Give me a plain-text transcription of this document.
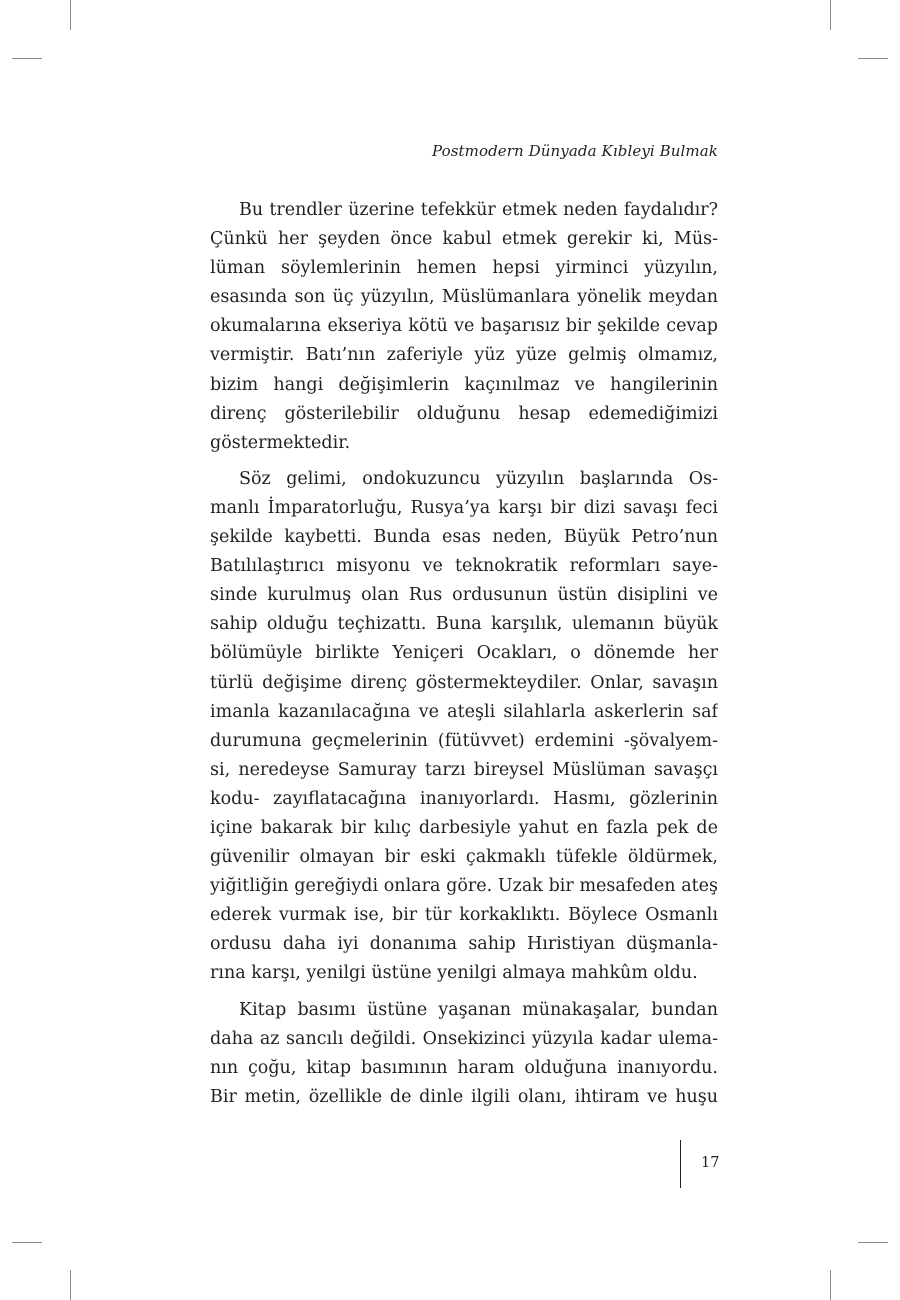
Postmodern Dünyada Kıbleyi Bulmak
Bu trendler üzerine tefekkür etmek neden faydalıdır?
Çünkü her şeyden önce kabul etmek gerekir ki, Müs-
lüman söylemlerinin hemen hepsi yirminci yüzyılın,
esasında son üç yüzyılın, Müslümanlara yönelik meydan
okumalarına ekseriya kötü ve başarısız bir şekilde cevap
vermiştir. Batı’nın zaferiyle yüz yüze gelmiş olmamız,
bizim hangi değişimlerin kaçınılmaz ve hangilerinin
direnç gösterilebilir olduğunu hesap edemediğimizi
göstermektedir.
Söz gelimi, ondokuzuncu yüzyılın başlarında Os-
manlı İmparatorluğu, Rusya’ya karşı bir dizi savaşı feci
şekilde kaybetti. Bunda esas neden, Büyük Petro’nun
Batılılaştırıcı misyonu ve teknokratik reformları saye-
sinde kurulmuş olan Rus ordusunun üstün disiplini ve
sahip olduğu teçhizattı. Buna karşılık, ulemanın büyük
bölümüyle birlikte Yeniçeri Ocakları, o dönemde her
türlü değişime direnç göstermekteydiler. Onlar, savaşın
imanla kazanılacağına ve ateşli silahlarla askerlerin saf
durumuna geçmelerinin (fütüvvet) erdemini -şövalyem-
si, neredeyse Samuray tarzı bireysel Müslüman savaşçı
kodu- zayıflatacağına inanıyorlardı. Hasmı, gözlerinin
içine bakarak bir kılıç darbesiyle yahut en fazla pek de
güvenilir olmayan bir eski çakmaklı tüfekle öldürmek,
yiğitliğin gereğiydi onlara göre. Uzak bir mesafeden ateş
ederek vurmak ise, bir tür korkaklıktı. Böylece Osmanlı
ordusu daha iyi donanıma sahip Hıristiyan düşmanla-
rına karşı, yenilgi üstüne yenilgi almaya mahkûm oldu.
Kitap basımı üstüne yaşanan münakaşalar, bundan
daha az sancılı değildi. Onsekizinci yüzyıla kadar ulema-
nın çoğu, kitap basımının haram olduğuna inanıyordu.
Bir metin, özellikle de dinle ilgili olanı, ihtiram ve huşu
17
